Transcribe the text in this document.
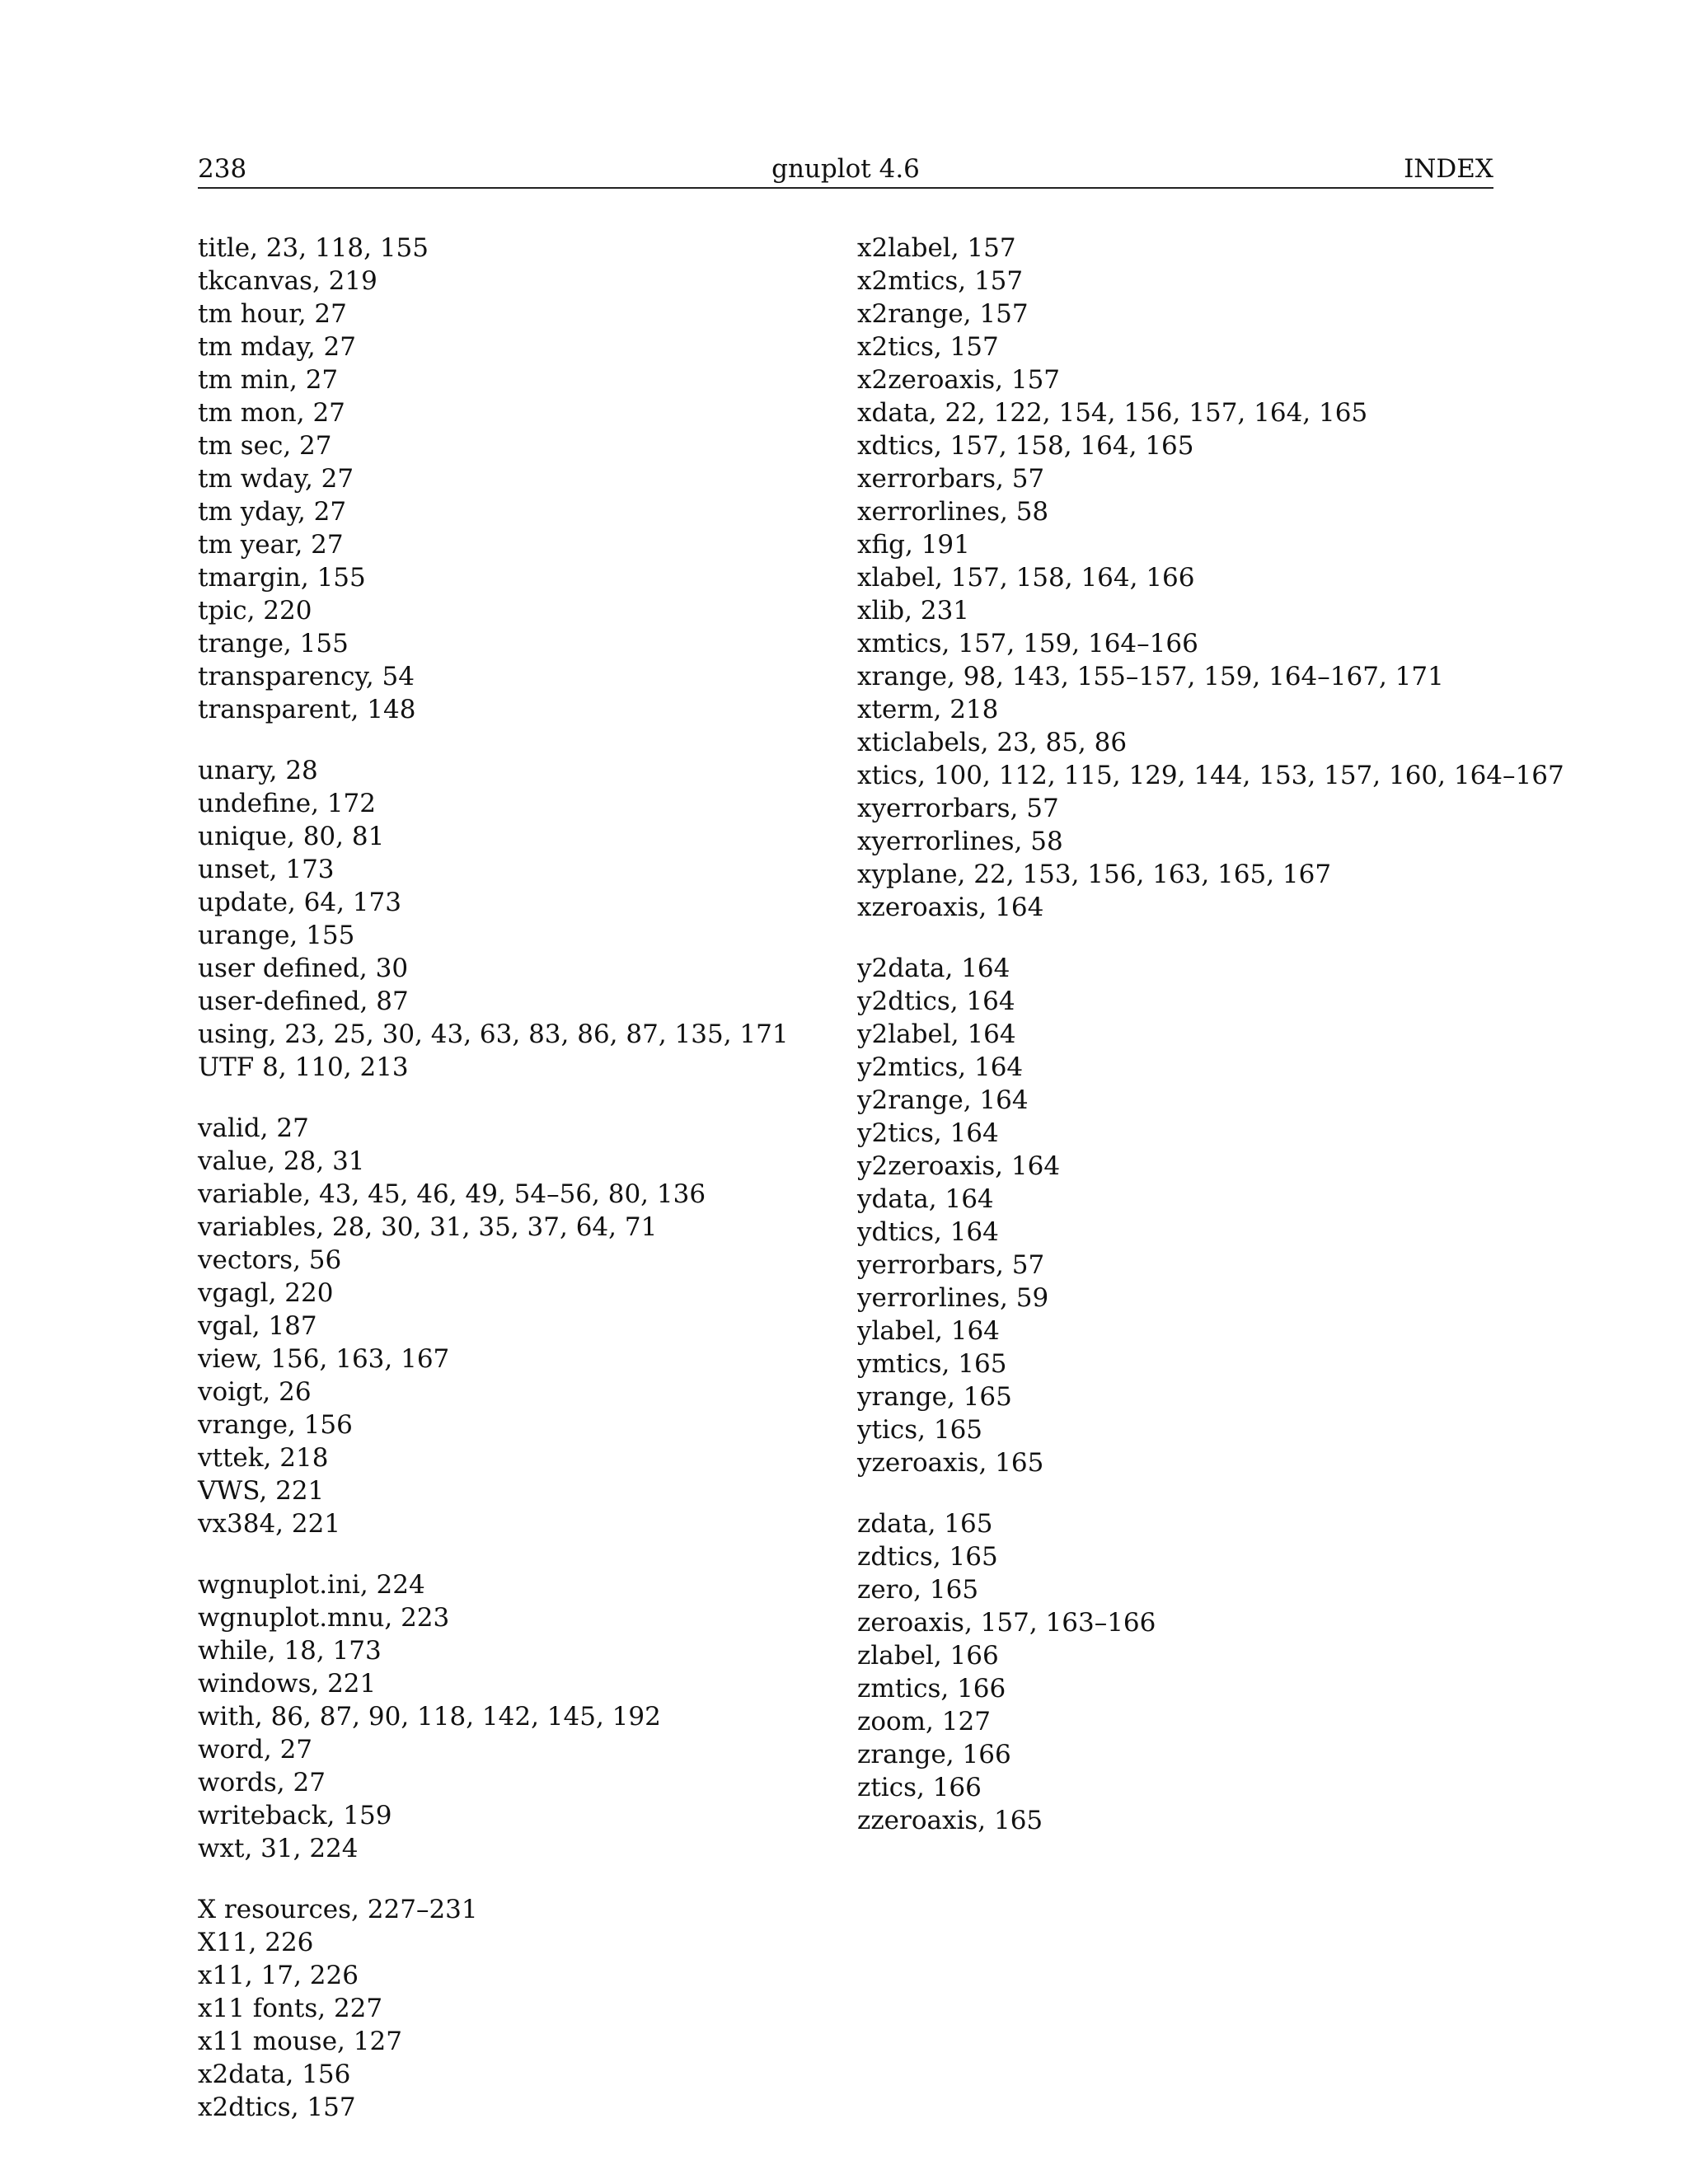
238	gnuplot 4.6	INDEX
title, 23, 118, 155
tkcanvas, 219
tm hour, 27
tm mday, 27
tm min, 27
tm mon, 27
tm sec, 27
tm wday, 27
tm yday, 27
tm year, 27
tmargin, 155
tpic, 220
trange, 155
transparency, 54
transparent, 148
unary, 28
undefine, 172
unique, 80, 81
unset, 173
update, 64, 173
urange, 155
user defined, 30
user-defined, 87
using, 23, 25, 30, 43, 63, 83, 86, 87, 135, 171
UTF 8, 110, 213
valid, 27
value, 28, 31
variable, 43, 45, 46, 49, 54–56, 80, 136
variables, 28, 30, 31, 35, 37, 64, 71
vectors, 56
vgagl, 220
vgal, 187
view, 156, 163, 167
voigt, 26
vrange, 156
vttek, 218
VWS, 221
vx384, 221
wgnuplot.ini, 224
wgnuplot.mnu, 223
while, 18, 173
windows, 221
with, 86, 87, 90, 118, 142, 145, 192
word, 27
words, 27
writeback, 159
wxt, 31, 224
X resources, 227–231
X11, 226
x11, 17, 226
x11 fonts, 227
x11 mouse, 127
x2data, 156
x2dtics, 157
x2label, 157
x2mtics, 157
x2range, 157
x2tics, 157
x2zeroaxis, 157
xdata, 22, 122, 154, 156, 157, 164, 165
xdtics, 157, 158, 164, 165
xerrorbars, 57
xerrorlines, 58
xfig, 191
xlabel, 157, 158, 164, 166
xlib, 231
xmtics, 157, 159, 164–166
xrange, 98, 143, 155–157, 159, 164–167, 171
xterm, 218
xticlabels, 23, 85, 86
xtics, 100, 112, 115, 129, 144, 153, 157, 160, 164–167
xyerrorbars, 57
xyerrorlines, 58
xyplane, 22, 153, 156, 163, 165, 167
xzeroaxis, 164
y2data, 164
y2dtics, 164
y2label, 164
y2mtics, 164
y2range, 164
y2tics, 164
y2zeroaxis, 164
ydata, 164
ydtics, 164
yerrorbars, 57
yerrorlines, 59
ylabel, 164
ymtics, 165
yrange, 165
ytics, 165
yzeroaxis, 165
zdata, 165
zdtics, 165
zero, 165
zeroaxis, 157, 163–166
zlabel, 166
zmtics, 166
zoom, 127
zrange, 166
ztics, 166
zzeroaxis, 165
